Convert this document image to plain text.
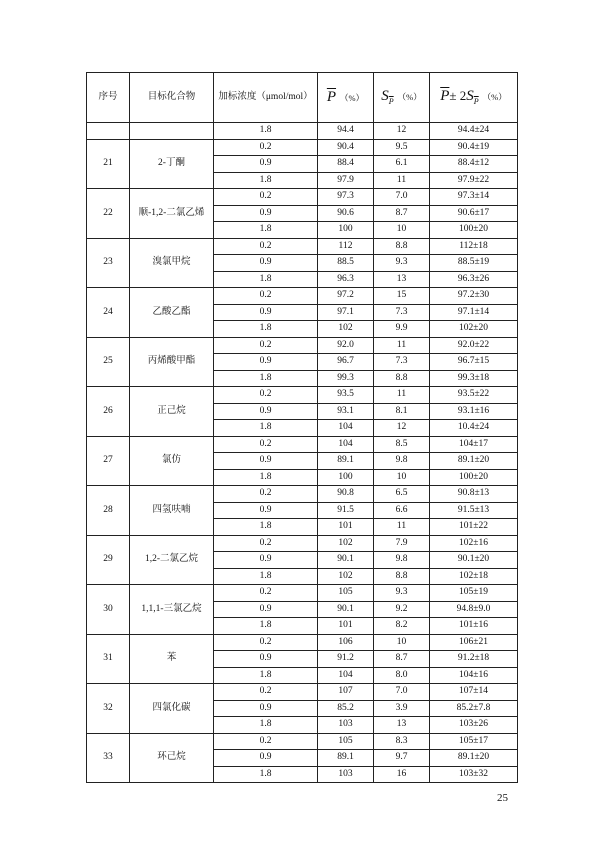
序号	目标化合物	加标浓度（μmol/mol）	$\overline{P}$ （%）	$S_{\overline{P}}$ （%）	$\overline{P}\pm 2S_{\overline{P}}$ （%）
		1.8	94.4	12	94.4±24
21	2-丁酮	0.2	90.4	9.5	90.4±19
		0.9	88.4	6.1	88.4±12
		1.8	97.9	11	97.9±22
22	顺-1,2-二氯乙烯	0.2	97.3	7.0	97.3±14
		0.9	90.6	8.7	90.6±17
		1.8	100	10	100±20
23	溴氯甲烷	0.2	112	8.8	112±18
		0.9	88.5	9.3	88.5±19
		1.8	96.3	13	96.3±26
24	乙酸乙酯	0.2	97.2	15	97.2±30
		0.9	97.1	7.3	97.1±14
		1.8	102	9.9	102±20
25	丙烯酸甲酯	0.2	92.0	11	92.0±22
		0.9	96.7	7.3	96.7±15
		1.8	99.3	8.8	99.3±18
26	正己烷	0.2	93.5	11	93.5±22
		0.9	93.1	8.1	93.1±16
		1.8	104	12	10.4±24
27	氯仿	0.2	104	8.5	104±17
		0.9	89.1	9.8	89.1±20
		1.8	100	10	100±20
28	四氢呋喃	0.2	90.8	6.5	90.8±13
		0.9	91.5	6.6	91.5±13
		1.8	101	11	101±22
29	1,2-二氯乙烷	0.2	102	7.9	102±16
		0.9	90.1	9.8	90.1±20
		1.8	102	8.8	102±18
30	1,1,1-三氯乙烷	0.2	105	9.3	105±19
		0.9	90.1	9.2	94.8±9.0
		1.8	101	8.2	101±16
31	苯	0.2	106	10	106±21
		0.9	91.2	8.7	91.2±18
		1.8	104	8.0	104±16
32	四氯化碳	0.2	107	7.0	107±14
		0.9	85.2	3.9	85.2±7.8
		1.8	103	13	103±26
33	环己烷	0.2	105	8.3	105±17
		0.9	89.1	9.7	89.1±20
		1.8	103	16	103±32
25
